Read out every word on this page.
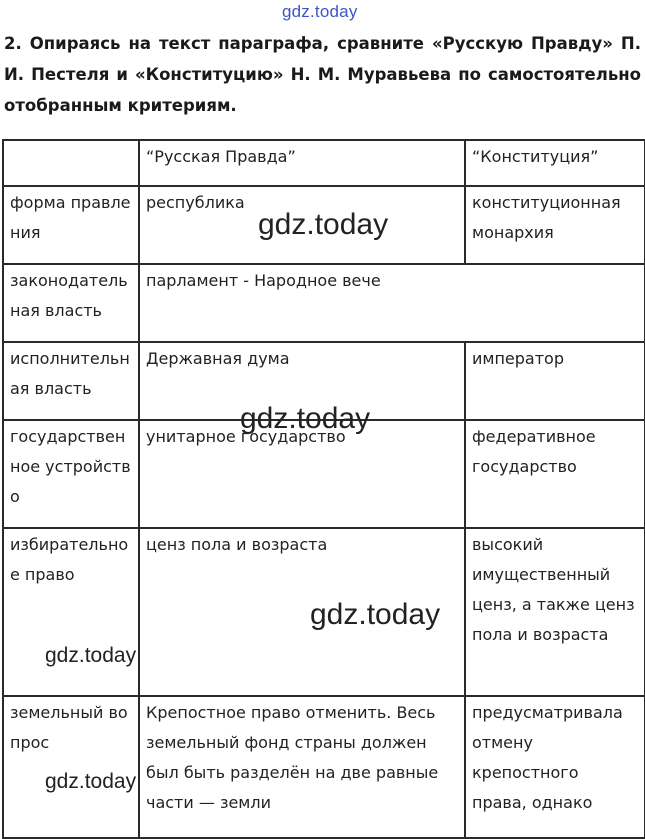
gdz.today

2. Опираясь на текст параграфа, сравните «Русскую Правду» П. И. Пестеля и «Конституцию» Н. М. Муравьева по самостоятельно отобранным критериям.

	“Русская Правда”	“Конституция”
форма правления	республика	конституционная монархия
законодательная власть	парламент - Народное вече	
исполнительная власть	Державная дума	император
государственное устройство	унитарное государство	федеративное государство
избирательное право	ценз пола и возраста	высокий имущественный ценз, а также ценз пола и возраста
земельный вопрос	Крепостное право отменить. Весь земельный фонд страны должен был быть разделён на две равные части — земли	предусматривала отмену крепостного права, однако
gdz.today
gdz.today
gdz.today
gdz.today
gdz.today
